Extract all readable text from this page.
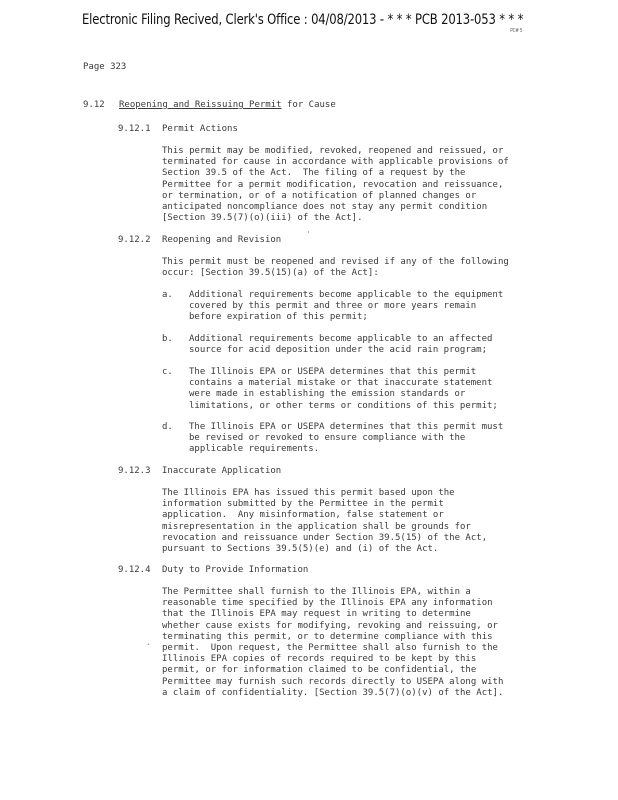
Electronic Filing Recived, Clerk's Office : 04/08/2013 - * * * PCB 2013-053 * * *
PC# 5
Page 323
9.12 Reopening and Reissuing Permit for Cause
9.12.1 Permit Actions
This permit may be modified, revoked, reopened and reissued, or
terminated for cause in accordance with applicable provisions of
Section 39.5 of the Act.  The filing of a request by the
Permittee for a permit modification, revocation and reissuance,
or termination, or of a notification of planned changes or
anticipated noncompliance does not stay any permit condition
[Section 39.5(7)(o)(iii) of the Act].
9.12.2 Reopening and Revision
'
This permit must be reopened and revised if any of the following
occur: [Section 39.5(15)(a) of the Act]:
a. Additional requirements become applicable to the equipment
covered by this permit and three or more years remain
before expiration of this permit;
b. Additional requirements become applicable to an affected
source for acid deposition under the acid rain program;
c. The Illinois EPA or USEPA determines that this permit
contains a material mistake or that inaccurate statement
were made in establishing the emission standards or
limitations, or other terms or conditions of this permit;
d. The Illinois EPA or USEPA determines that this permit must
be revised or revoked to ensure compliance with the
applicable requirements.
9.12.3 Inaccurate Application
The Illinois EPA has issued this permit based upon the
information submitted by the Permittee in the permit
application.  Any misinformation, false statement or
misrepresentation in the application shall be grounds for
revocation and reissuance under Section 39.5(15) of the Act,
pursuant to Sections 39.5(5)(e) and (i) of the Act.
9.12.4 Duty to Provide Information
The Permittee shall furnish to the Illinois EPA, within a
reasonable time specified by the Illinois EPA any information
that the Illinois EPA may request in writing to determine
whether cause exists for modifying, revoking and reissuing, or
terminating this permit, or to determine compliance with this
permit.  Upon request, the Permittee shall also furnish to the
Illinois EPA copies of records required to be kept by this
permit, or for information claimed to be confidential, the
Permittee may furnish such records directly to USEPA along with
a claim of confidentiality. [Section 39.5(7)(o)(v) of the Act].
·
